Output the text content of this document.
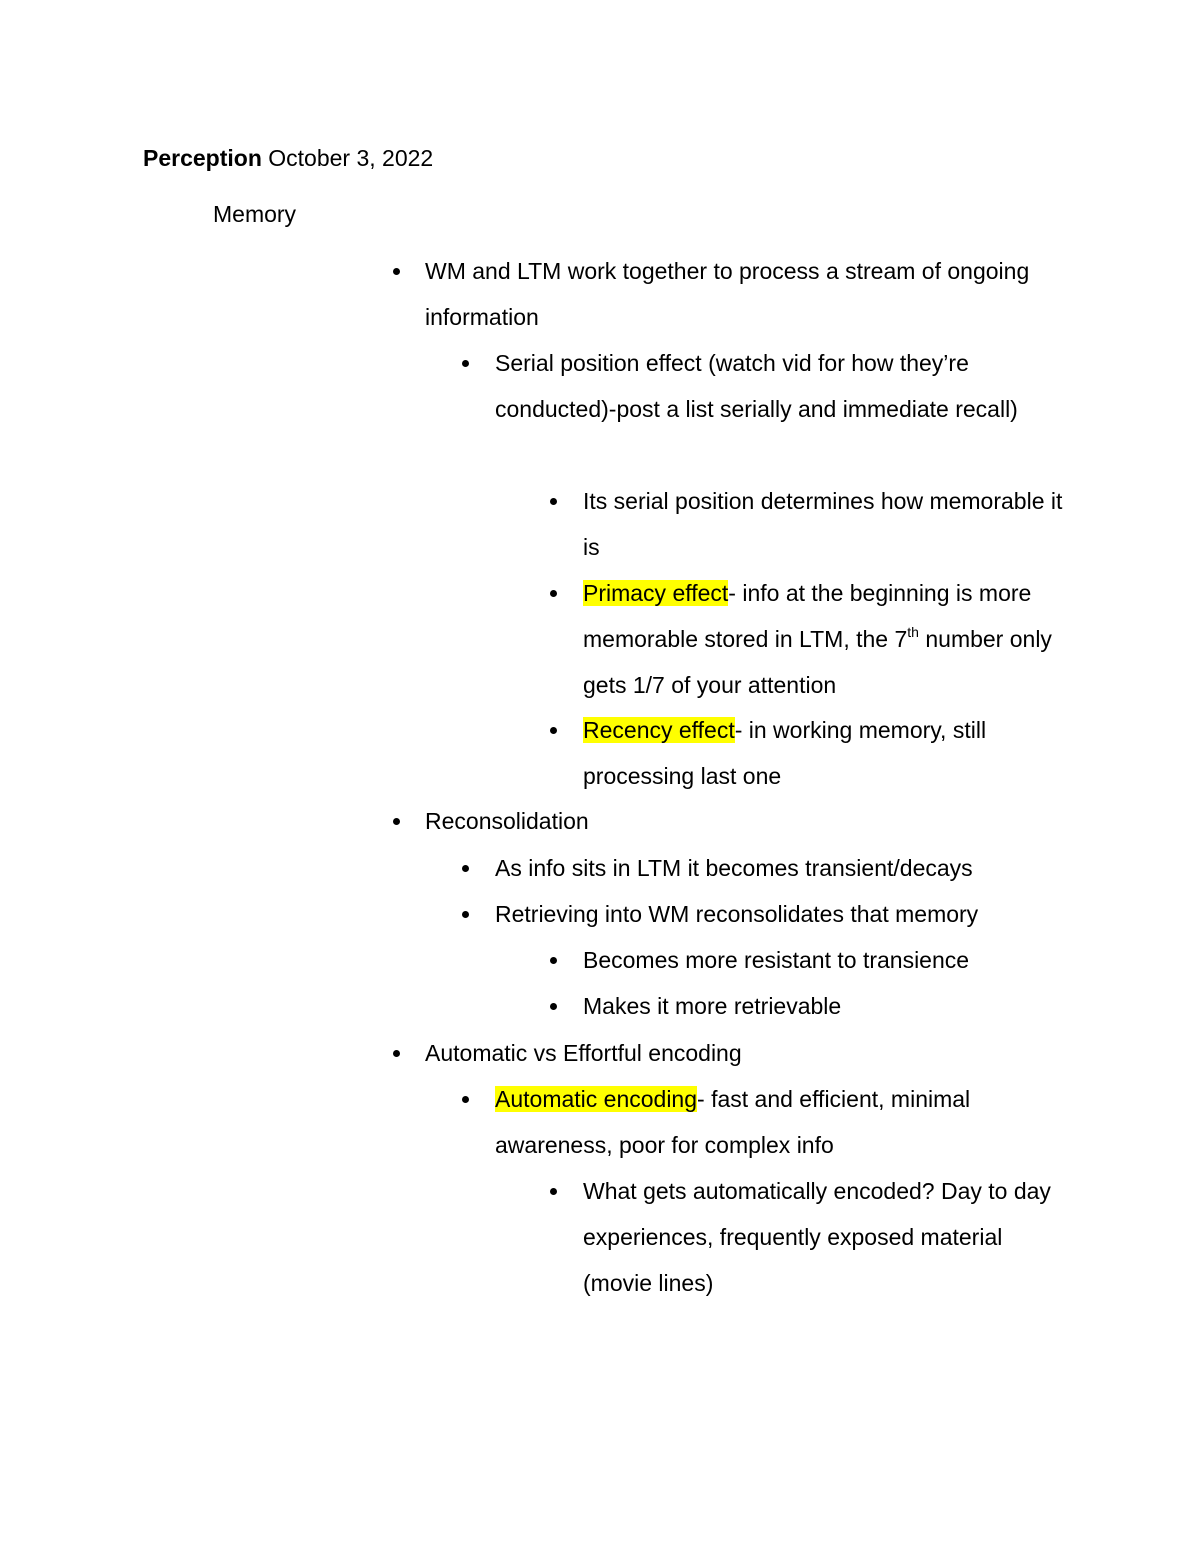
Perception October 3, 2022
Memory
WM and LTM work together to process a stream of ongoing information
Serial position effect (watch vid for how they’re conducted)-post a list serially and immediate recall)
Its serial position determines how memorable it is
Primacy effect- info at the beginning is more memorable stored in LTM, the 7th number only gets 1/7 of your attention
Recency effect- in working memory, still processing last one
Reconsolidation
As info sits in LTM it becomes transient/decays
Retrieving into WM reconsolidates that memory
Becomes more resistant to transience
Makes it more retrievable
Automatic vs Effortful encoding
Automatic encoding- fast and efficient, minimal awareness, poor for complex info
What gets automatically encoded? Day to day experiences, frequently exposed material (movie lines)
